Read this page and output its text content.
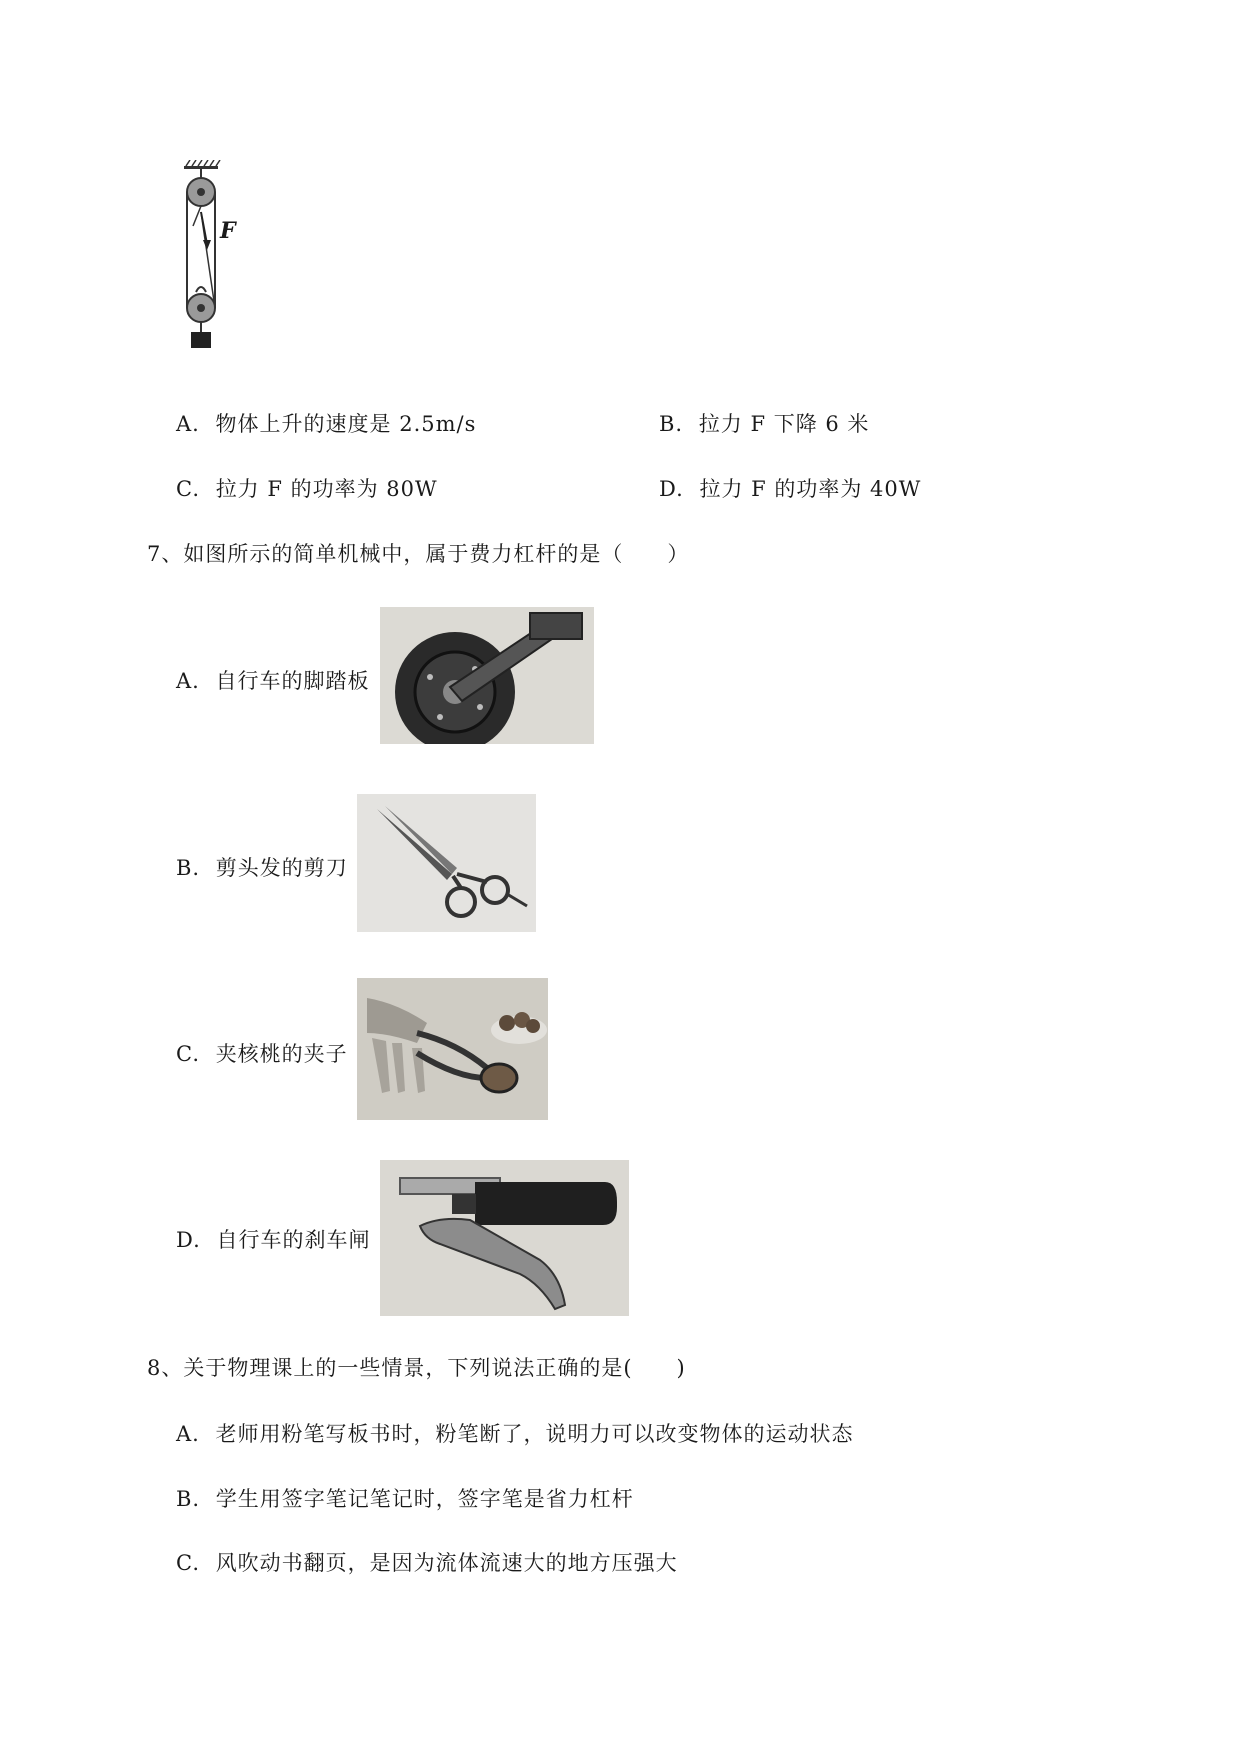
F
A. 物体上升的速度是 2.5m/s	B. 拉力 F 下降 6 米
C. 拉力 F 的功率为 80W	D. 拉力 F 的功率为 40W
7、如图所示的简单机械中，属于费力杠杆的是（　　）
A. 自行车的脚踏板
B. 剪头发的剪刀
C. 夹核桃的夹子
D. 自行车的刹车闸
8、关于物理课上的一些情景，下列说法正确的是(　　)
A. 老师用粉笔写板书时，粉笔断了，说明力可以改变物体的运动状态
B. 学生用签字笔记笔记时，签字笔是省力杠杆
C. 风吹动书翻页，是因为流体流速大的地方压强大
